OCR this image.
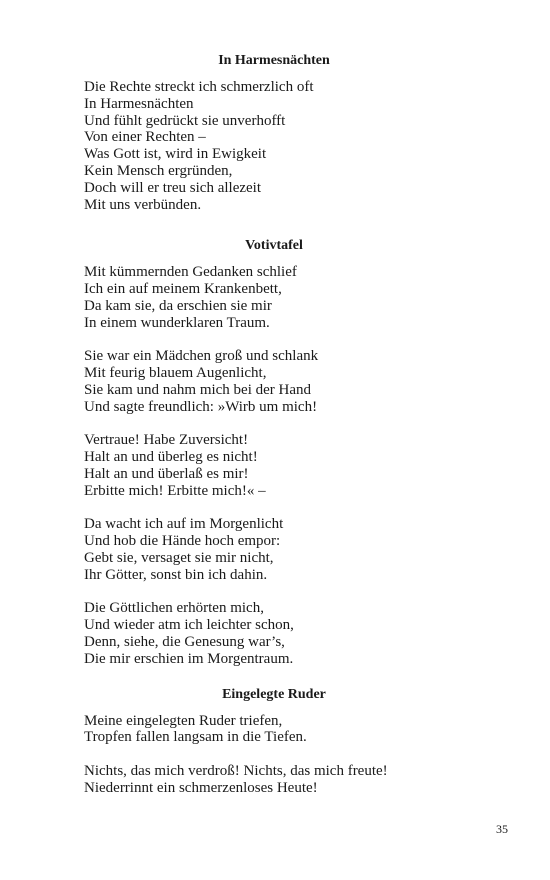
In Harmesnächten
Die Rechte streckt ich schmerzlich oft
In Harmesnächten
Und fühlt gedrückt sie unverhofft
Von einer Rechten –
Was Gott ist, wird in Ewigkeit
Kein Mensch ergründen,
Doch will er treu sich allezeit
Mit uns verbünden.
Votivtafel
Mit kümmernden Gedanken schlief
Ich ein auf meinem Krankenbett,
Da kam sie, da erschien sie mir
In einem wunderklaren Traum.
Sie war ein Mädchen groß und schlank
Mit feurig blauem Augenlicht,
Sie kam und nahm mich bei der Hand
Und sagte freundlich: »Wirb um mich!
Vertraue! Habe Zuversicht!
Halt an und überleg es nicht!
Halt an und überlaß es mir!
Erbitte mich! Erbitte mich!« –
Da wacht ich auf im Morgenlicht
Und hob die Hände hoch empor:
Gebt sie, versaget sie mir nicht,
Ihr Götter, sonst bin ich dahin.
Die Göttlichen erhörten mich,
Und wieder atm ich leichter schon,
Denn, siehe, die Genesung war’s,
Die mir erschien im Morgentraum.
Eingelegte Ruder
Meine eingelegten Ruder triefen,
Tropfen fallen langsam in die Tiefen.
Nichts, das mich verdroß! Nichts, das mich freute!
Niederrinnt ein schmerzenloses Heute!
35
